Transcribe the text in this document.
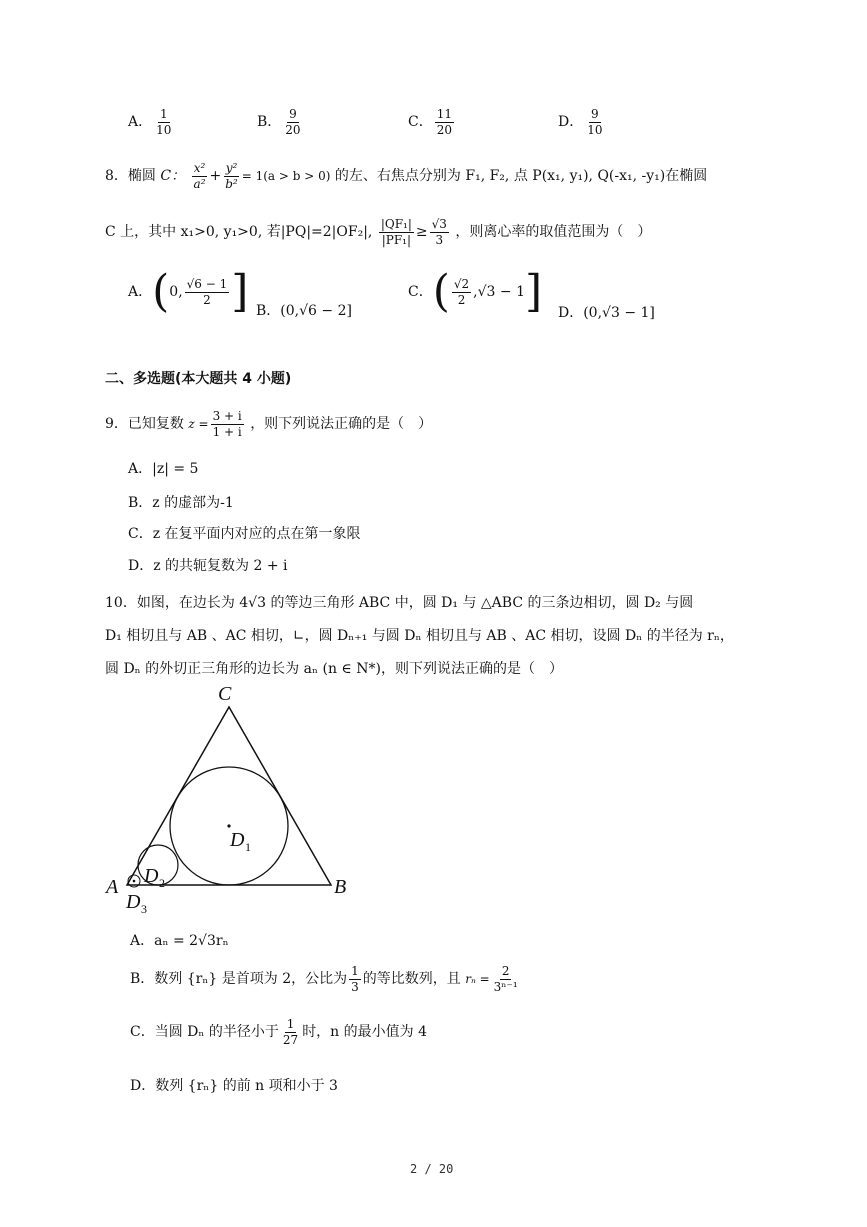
A． $\frac{1}{10}$	B． $\frac{9}{20}$	C． $\frac{11}{20}$	D． $\frac{9}{10}$
8．椭圆 C： $\frac{\text{x²}}{\text{a²}} + \frac{\text{y²}}{\text{b²}} = 1(a > b > 0)$ 的左、右焦点分别为 F₁, F₂, 点 P(x₁, y₁), Q(-x₁, -y₁)在椭圆
C 上，其中 x₁>0, y₁>0, 若|PQ|=2|OF₂|, $\frac{\text{|QF₁|}}{\text{|PF₁|}} \ge \frac{√3}{3}$ ，则离心率的取值范围为（　）
A．(0, $\frac{√6 - 1}{2}$ ] B．(0,√6 − 2]
C．( $\frac{√2}{2} ,√3 - 1$] D．(0,√3 − 1]
二、多选题(本大题共 4 小题)
9．已知复数 $z = \frac{3 + i}{1 + i}$ ，则下列说法正确的是（　）
A．|z| = 5
B．z 的虚部为-1
C．z 在复平面内对应的点在第一象限
D．z 的共轭复数为 2 + i
10．如图，在边长为 4√3 的等边三角形 ABC 中，圆 D₁ 与 △ABC 的三条边相切，圆 D₂ 与圆
D₁ 相切且与 AB 、AC 相切，∟，圆 Dₙ₊₁ 与圆 Dₙ 相切且与 AB 、AC 相切，设圆 Dₙ 的半径为 rₙ，
圆 Dₙ 的外切正三角形的边长为 aₙ (n ∈ N*)，则下列说法正确的是（　）
C
A	B
D 1
D 2
D 3
A．aₙ = 2√3rₙ
B．数列 {rₙ} 是首项为 2，公比为 $\frac{1}{3}$ 的等比数列，且 $r_n = \frac{2}{\text{3ⁿ⁻¹}}$
C．当圆 Dₙ 的半径小于 $\frac{1}{27}$ 时，n 的最小值为 4
D．数列 {rₙ} 的前 n 项和小于 3
2 / 20
